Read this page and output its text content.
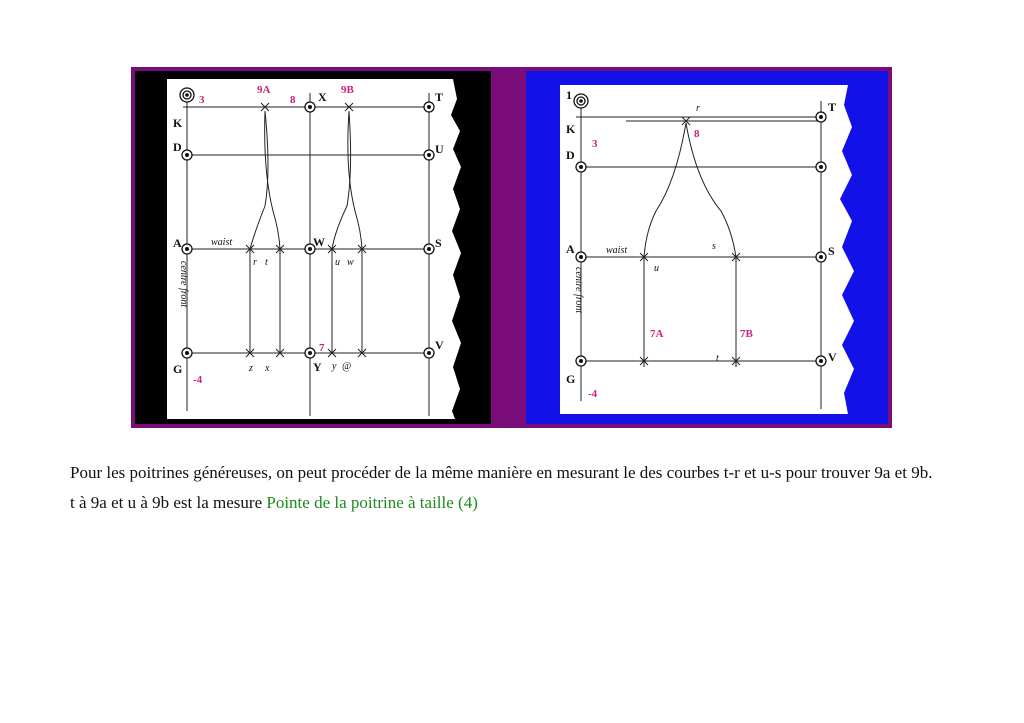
K
D
A
G
X
W
Y
T
U
S
V
3
-4
9A	9B
8
7
waist
centre front	r t	u w
z x	y @
1
K
D
A
G
T
S
V
3
-4
8
7A	7B
waist
centre front	u
s
t
r

Pour les poitrines généreuses, on peut procéder de la même manière en mesurant le des courbes t-r et u-s pour trouver 9a et 9b.

t à 9a et u à 9b est la mesure Pointe de la poitrine à taille (4)
